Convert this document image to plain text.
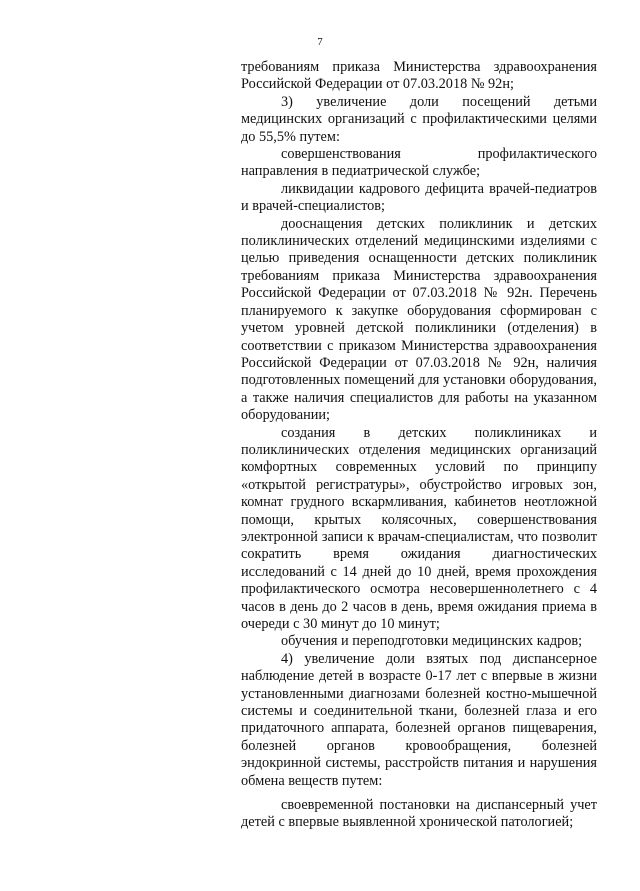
7

требованиям приказа Министерства здравоохранения Российской Федерации от 07.03.2018 № 92н;

3) увеличение доли посещений детьми медицинских организаций с профилактическими целями до 55,5% путем:

совершенствования профилактического направления в педиатрической службе;

ликвидации кадрового дефицита врачей-педиатров и врачей-специалистов;

дооснащения детских поликлиник и детских поликлинических отделений медицинскими изделиями с целью приведения оснащенности детских поликлиник требованиям приказа Министерства здравоохранения Российской Федерации от 07.03.2018 № 92н. Перечень планируемого к закупке оборудования сформирован с учетом уровней детской поликлиники (отделения) в соответствии с приказом Министерства здравоохранения Российской Федерации от 07.03.2018 № 92н, наличия подготовленных помещений для установки оборудования, а также наличия специалистов для работы на указанном оборудовании;

создания в детских поликлиниках и поликлинических отделения медицинских организаций комфортных современных условий по принципу «открытой регистратуры», обустройство игровых зон, комнат грудного вскармливания, кабинетов неотложной помощи, крытых колясочных, совершенствования электронной записи к врачам-специалистам, что позволит сократить время ожидания диагностических исследований с 14 дней до 10 дней, время прохождения профилактического осмотра несовершеннолетнего с 4 часов в день до 2 часов в день, время ожидания приема в очереди с 30 минут до 10 минут;

обучения и переподготовки медицинских кадров;

4) увеличение доли взятых под диспансерное наблюдение детей в возрасте 0-17 лет с впервые в жизни установленными диагнозами болезней костно-мышечной системы и соединительной ткани, болезней глаза и его придаточного аппарата, болезней органов пищеварения, болезней органов кровообращения, болезней эндокринной системы, расстройств питания и нарушения обмена веществ путем:

своевременной постановки на диспансерный учет детей с впервые выявленной хронической патологией;
